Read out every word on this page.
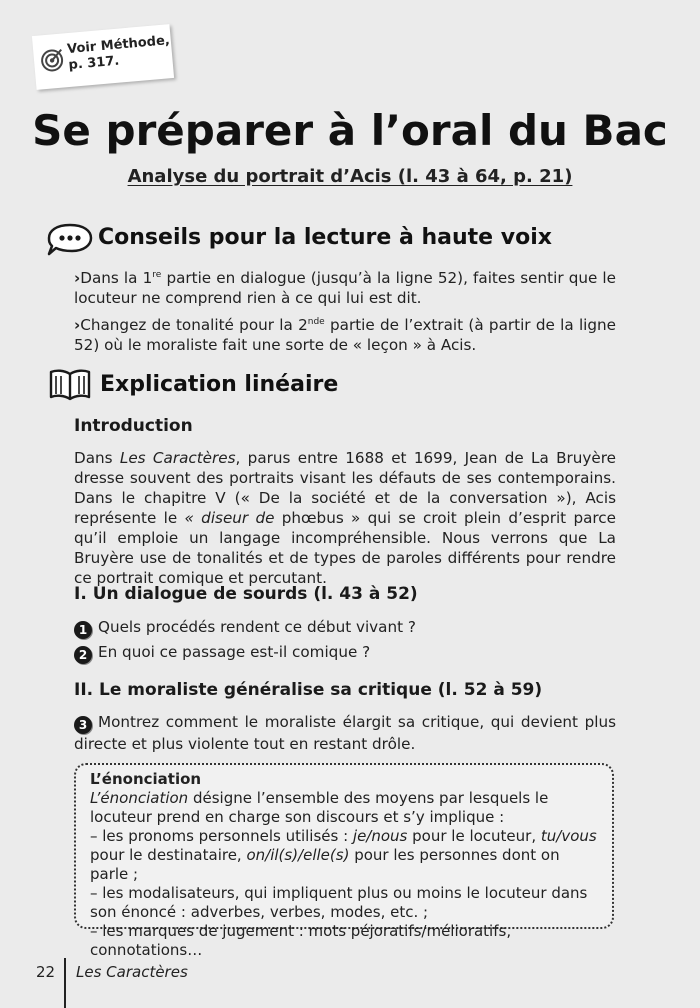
Voir Méthode,
p. 317.
Se préparer à l’oral du Bac
Analyse du portrait d’Acis (l. 43 à 64, p. 21)
Conseils pour la lecture à haute voix
›Dans la 1re partie en dialogue (jusqu’à la ligne 52), faites sentir que le locuteur ne comprend rien à ce qui lui est dit.
›Changez de tonalité pour la 2nde partie de l’extrait (à partir de la ligne 52) où le moraliste fait une sorte de « leçon » à Acis.
Explication linéaire
Introduction
Dans Les Caractères, parus entre 1688 et 1699, Jean de La Bruyère dresse souvent des portraits visant les défauts de ses contemporains. Dans le chapitre V (« De la société et de la conversation »), Acis représente le « diseur de phœbus » qui se croit plein d’esprit parce qu’il emploie un langage incompréhensible. Nous verrons que La Bruyère use de tonalités et de types de paroles différents pour rendre ce portrait comique et percutant.
I. Un dialogue de sourds (l. 43 à 52)
1 Quels procédés rendent ce début vivant ?
2 En quoi ce passage est-il comique ?
II. Le moraliste généralise sa critique (l. 52 à 59)
3 Montrez comment le moraliste élargit sa critique, qui devient plus directe et plus violente tout en restant drôle.
L’énonciation
L’énonciation désigne l’ensemble des moyens par lesquels le locuteur prend en charge son discours et s’y implique :
– les pronoms personnels utilisés : je/nous pour le locuteur, tu/vous pour le destinataire, on/il(s)/elle(s) pour les personnes dont on parle ;
– les modalisateurs, qui impliquent plus ou moins le locuteur dans son énoncé : adverbes, verbes, modes, etc. ;
– les marques de jugement : mots péjoratifs/mélioratifs, connotations…
22 Les Caractères
